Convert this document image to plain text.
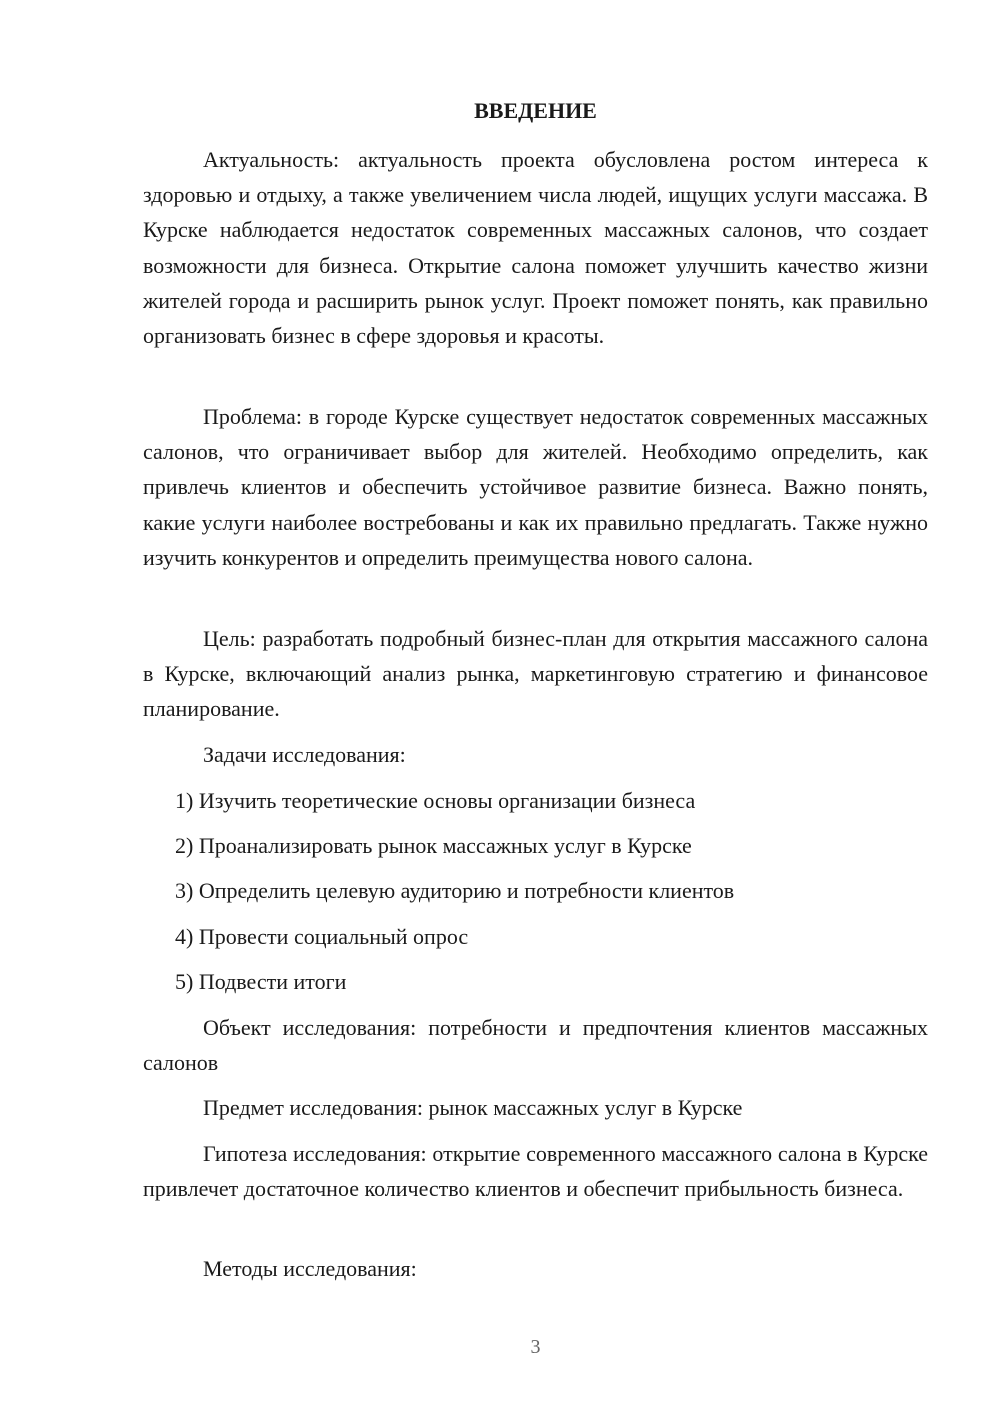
ВВЕДЕНИЕ

Актуальность: актуальность проекта обусловлена ростом интереса к здоровью и отдыху, а также увеличением числа людей, ищущих услуги массажа. В Курске наблюдается недостаток современных массажных салонов, что создает возможности для бизнеса. Открытие салона поможет улучшить качество жизни жителей города и расширить рынок услуг. Проект поможет понять, как правильно организовать бизнес в сфере здоровья и красоты.

Проблема: в городе Курске существует недостаток современных массажных салонов, что ограничивает выбор для жителей. Необходимо определить, как привлечь клиентов и обеспечить устойчивое развитие бизнеса. Важно понять, какие услуги наиболее востребованы и как их правильно предлагать. Также нужно изучить конкурентов и определить преимущества нового салона.

Цель: разработать подробный бизнес-план для открытия массажного салона в Курске, включающий анализ рынка, маркетинговую стратегию и финансовое планирование.

Задачи исследования:

1) Изучить теоретические основы организации бизнеса

2) Проанализировать рынок массажных услуг в Курске

3) Определить целевую аудиторию и потребности клиентов

4) Провести социальный опрос

5) Подвести итоги

Объект исследования: потребности и предпочтения клиентов массажных салонов

Предмет исследования: рынок массажных услуг в Курске

Гипотеза исследования: открытие современного массажного салона в Курске привлечет достаточное количество клиентов и обеспечит прибыльность бизнеса.

Методы исследования:

3
